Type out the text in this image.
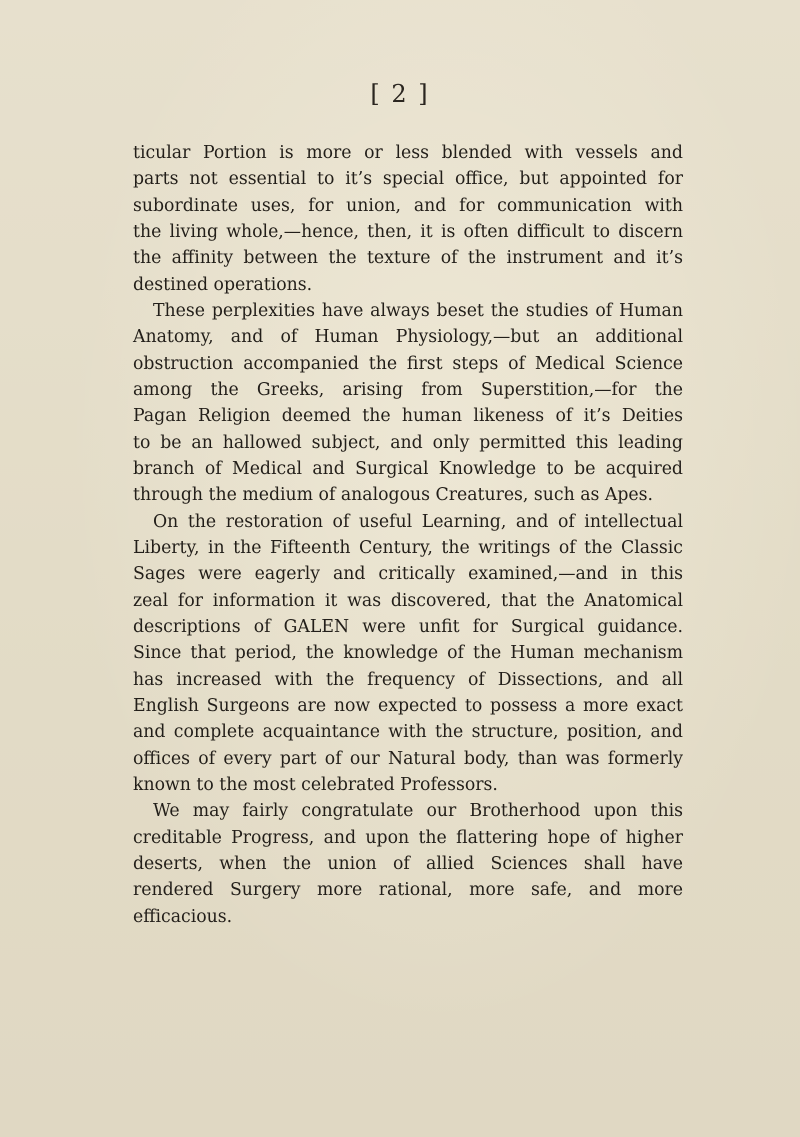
[ 2 ]
ticular Portion is more or less blended with vessels and
parts not essential to it’s special office, but appointed for
subordinate uses, for union, and for communication with
the living whole,—hence, then, it is often difficult to discern
the affinity between the texture of the instrument and it’s
destined operations.
These perplexities have always beset the studies of Human
Anatomy, and of Human Physiology,—but an additional
obstruction accompanied the first steps of Medical Science
among the Greeks, arising from Superstition,—for the
Pagan Religion deemed the human likeness of it’s Deities
to be an hallowed subject, and only permitted this leading
branch of Medical and Surgical Knowledge to be acquired
through the medium of analogous Creatures, such as Apes.
On the restoration of useful Learning, and of intellectual
Liberty, in the Fifteenth Century, the writings of the Classic
Sages were eagerly and critically examined,—and in this
zeal for information it was discovered, that the Anatomical
descriptions of GALEN were unfit for Surgical guidance.
Since that period, the knowledge of the Human mechanism
has increased with the frequency of Dissections, and all
English Surgeons are now expected to possess a more exact
and complete acquaintance with the structure, position, and
offices of every part of our Natural body, than was formerly
known to the most celebrated Professors.
We may fairly congratulate our Brotherhood upon this
creditable Progress, and upon the flattering hope of higher
deserts, when the union of allied Sciences shall have
rendered Surgery more rational, more safe, and more
efficacious.
